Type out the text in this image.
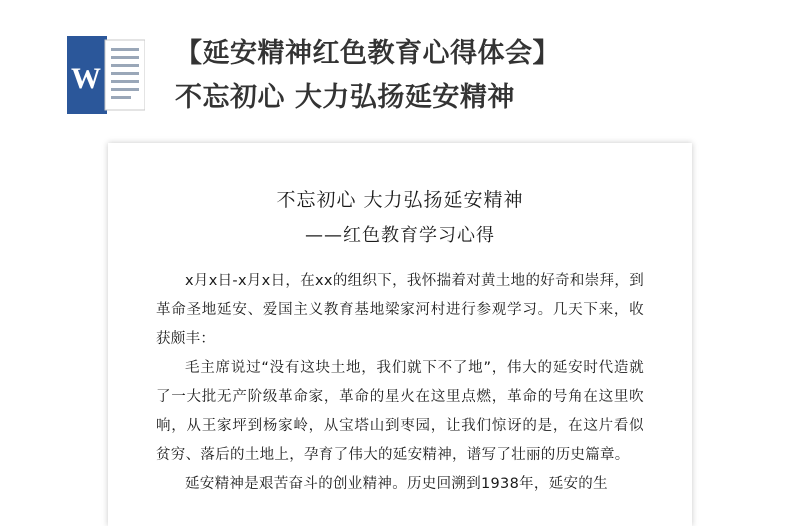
W
【延安精神红色教育心得体会】
不忘初心 大力弘扬延安精神
不忘初心 大力弘扬延安精神
——红色教育学习心得

x月x日-x月x日，在xx的组织下，我怀揣着对黄土地的好奇和崇拜，到革命圣地延安、爱国主义教育基地梁家河村进行参观学习。几天下来，收获颇丰：

毛主席说过“没有这块土地，我们就下不了地”，伟大的延安时代造就了一大批无产阶级革命家，革命的星火在这里点燃，革命的号角在这里吹响，从王家坪到杨家岭，从宝塔山到枣园，让我们惊讶的是，在这片看似贫穷、落后的土地上，孕育了伟大的延安精神，谱写了壮丽的历史篇章。

延安精神是艰苦奋斗的创业精神。历史回溯到1938年，延安的生
